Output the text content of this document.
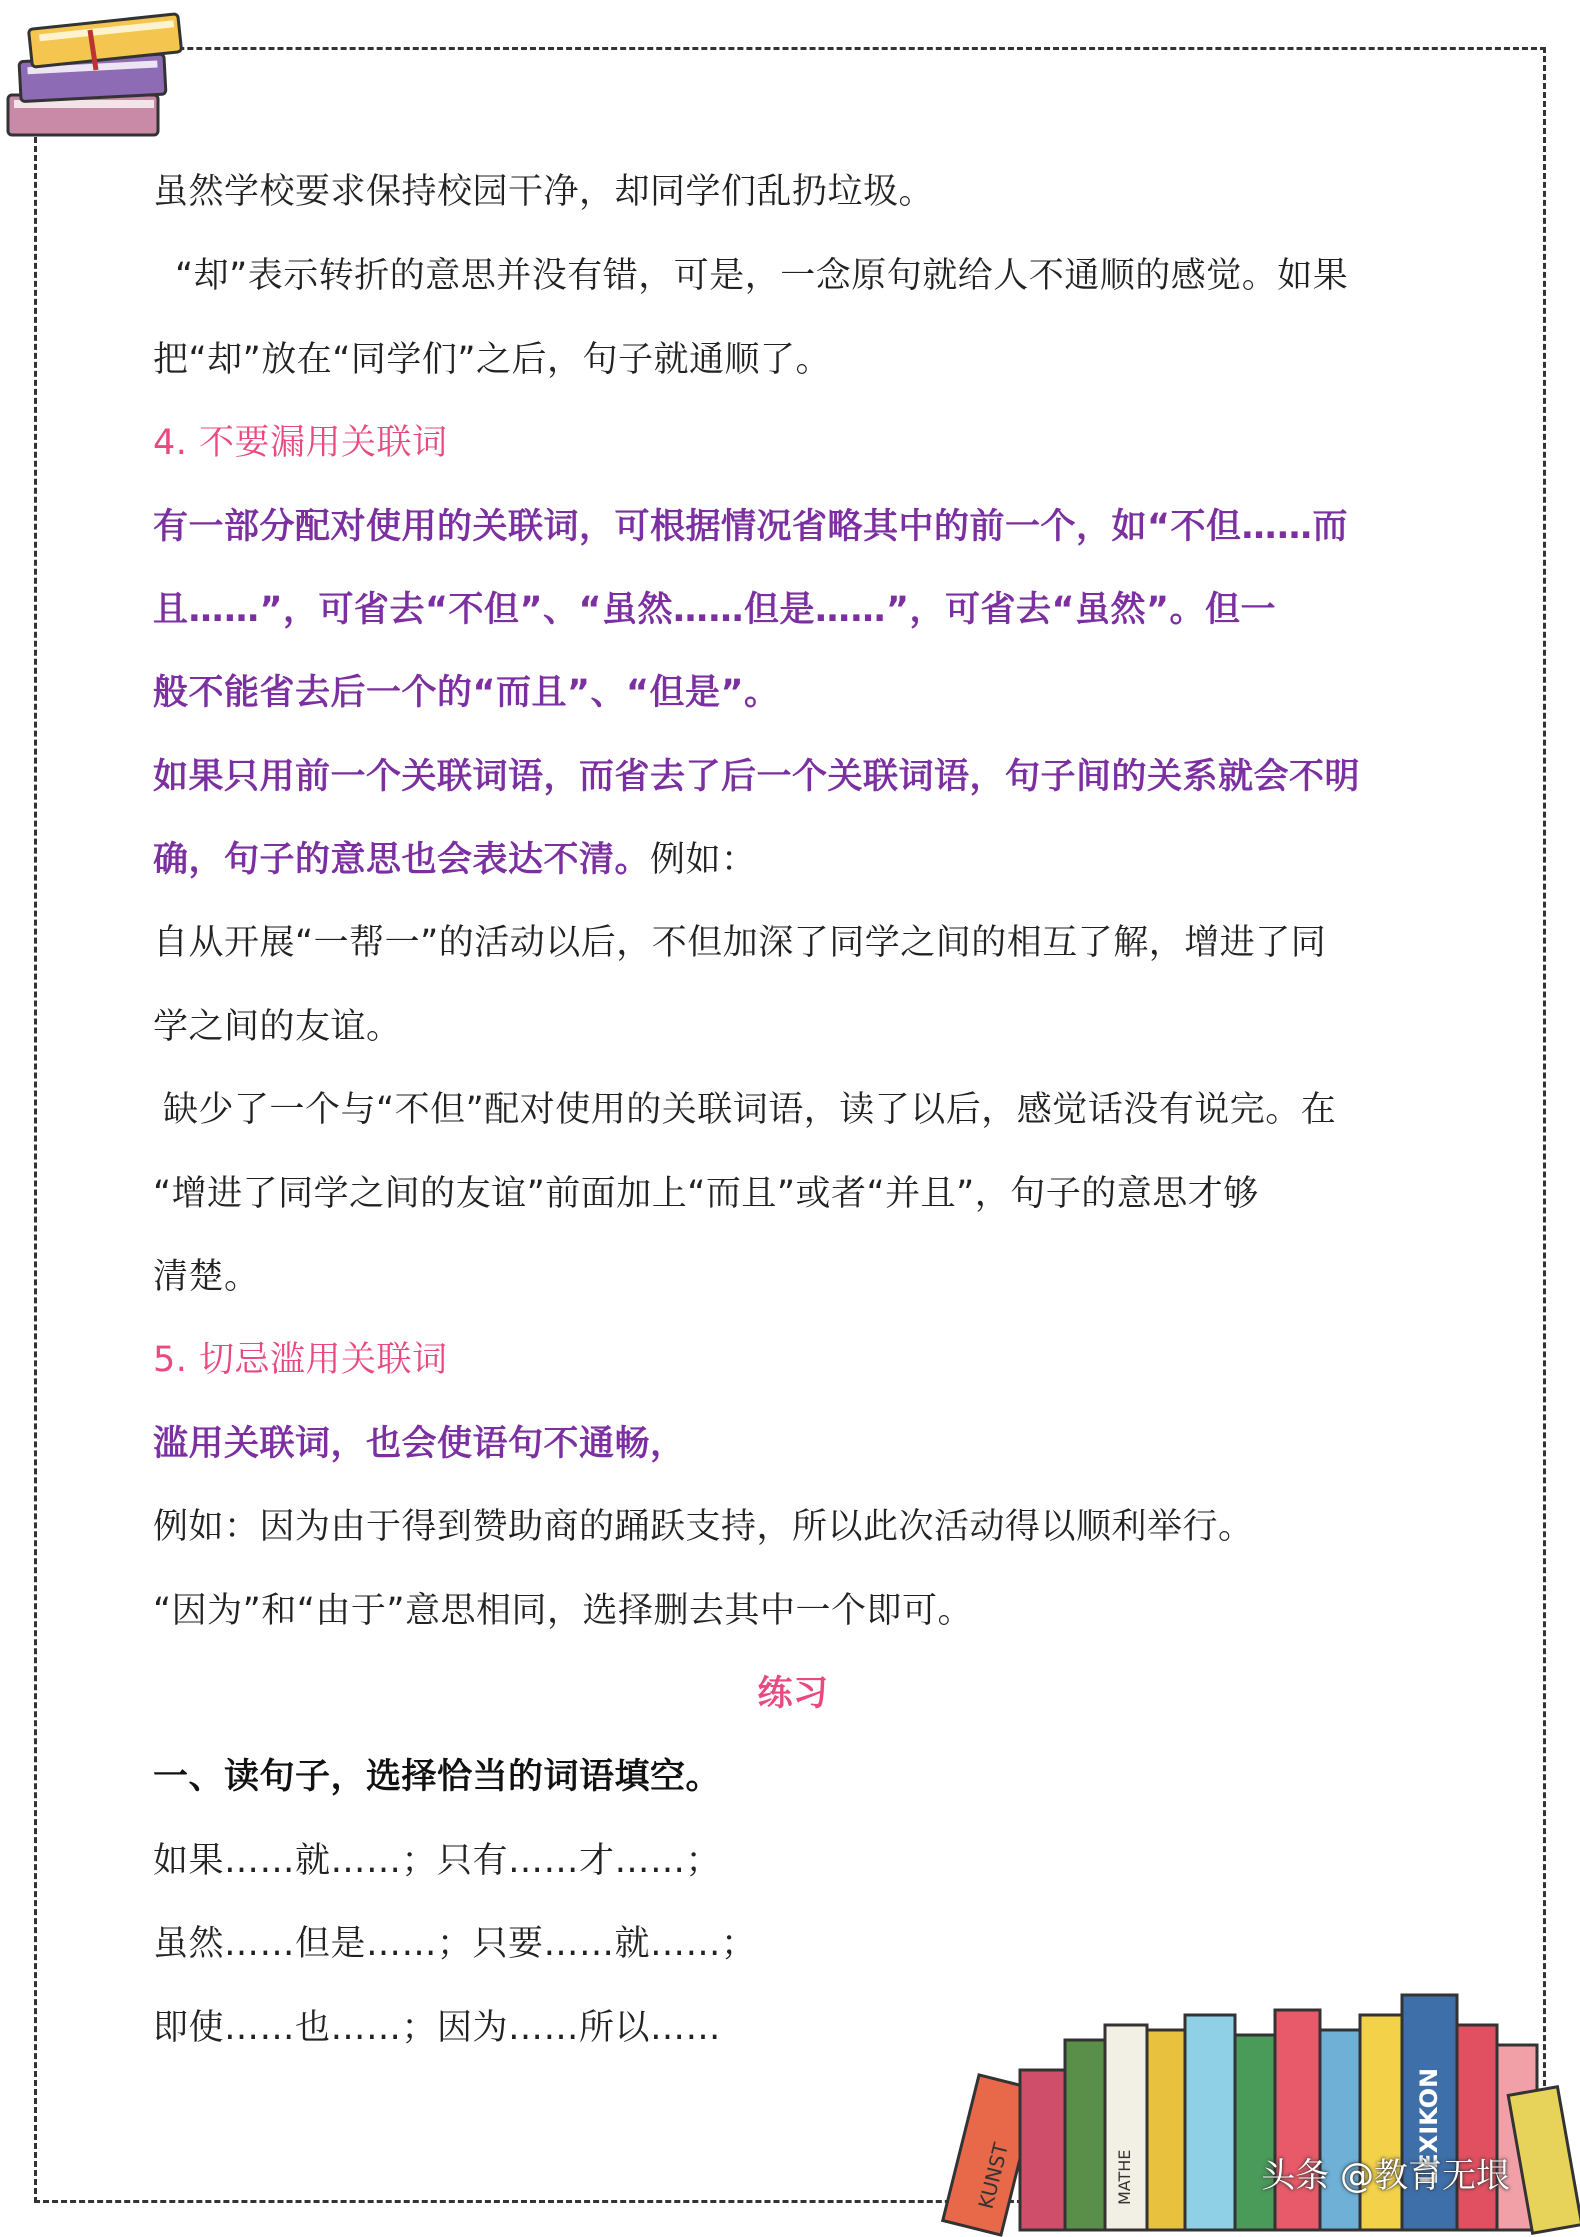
虽然学校要求保持校园干净，却同学们乱扔垃圾。
“却”表示转折的意思并没有错，可是，一念原句就给人不通顺的感觉。如果
把“却”放在“同学们”之后，句子就通顺了。
4. 不要漏用关联词
有一部分配对使用的关联词，可根据情况省略其中的前一个，如“不但……而
且……”，可省去“不但”、“虽然……但是……”，可省去“虽然”。但一
般不能省去后一个的“而且”、“但是”。
如果只用前一个关联词语，而省去了后一个关联词语，句子间的关系就会不明
确，句子的意思也会表达不清。例如：
自从开展“一帮一”的活动以后，不但加深了同学之间的相互了解，增进了同
学之间的友谊。
缺少了一个与“不但”配对使用的关联词语，读了以后，感觉话没有说完。在
“增进了同学之间的友谊”前面加上“而且”或者“并且”，句子的意思才够
清楚。
5. 切忌滥用关联词
滥用关联词，也会使语句不通畅，
例如：因为由于得到赞助商的踊跃支持，所以此次活动得以顺利举行。
“因为”和“由于”意思相同，选择删去其中一个即可。
练习
一、读句子，选择恰当的词语填空。
如果……就……；只有……才……；
虽然……但是……；只要……就……；
即使……也……；因为……所以……
KUNST	MATHE	LEXIKON
头条 @教育无垠
